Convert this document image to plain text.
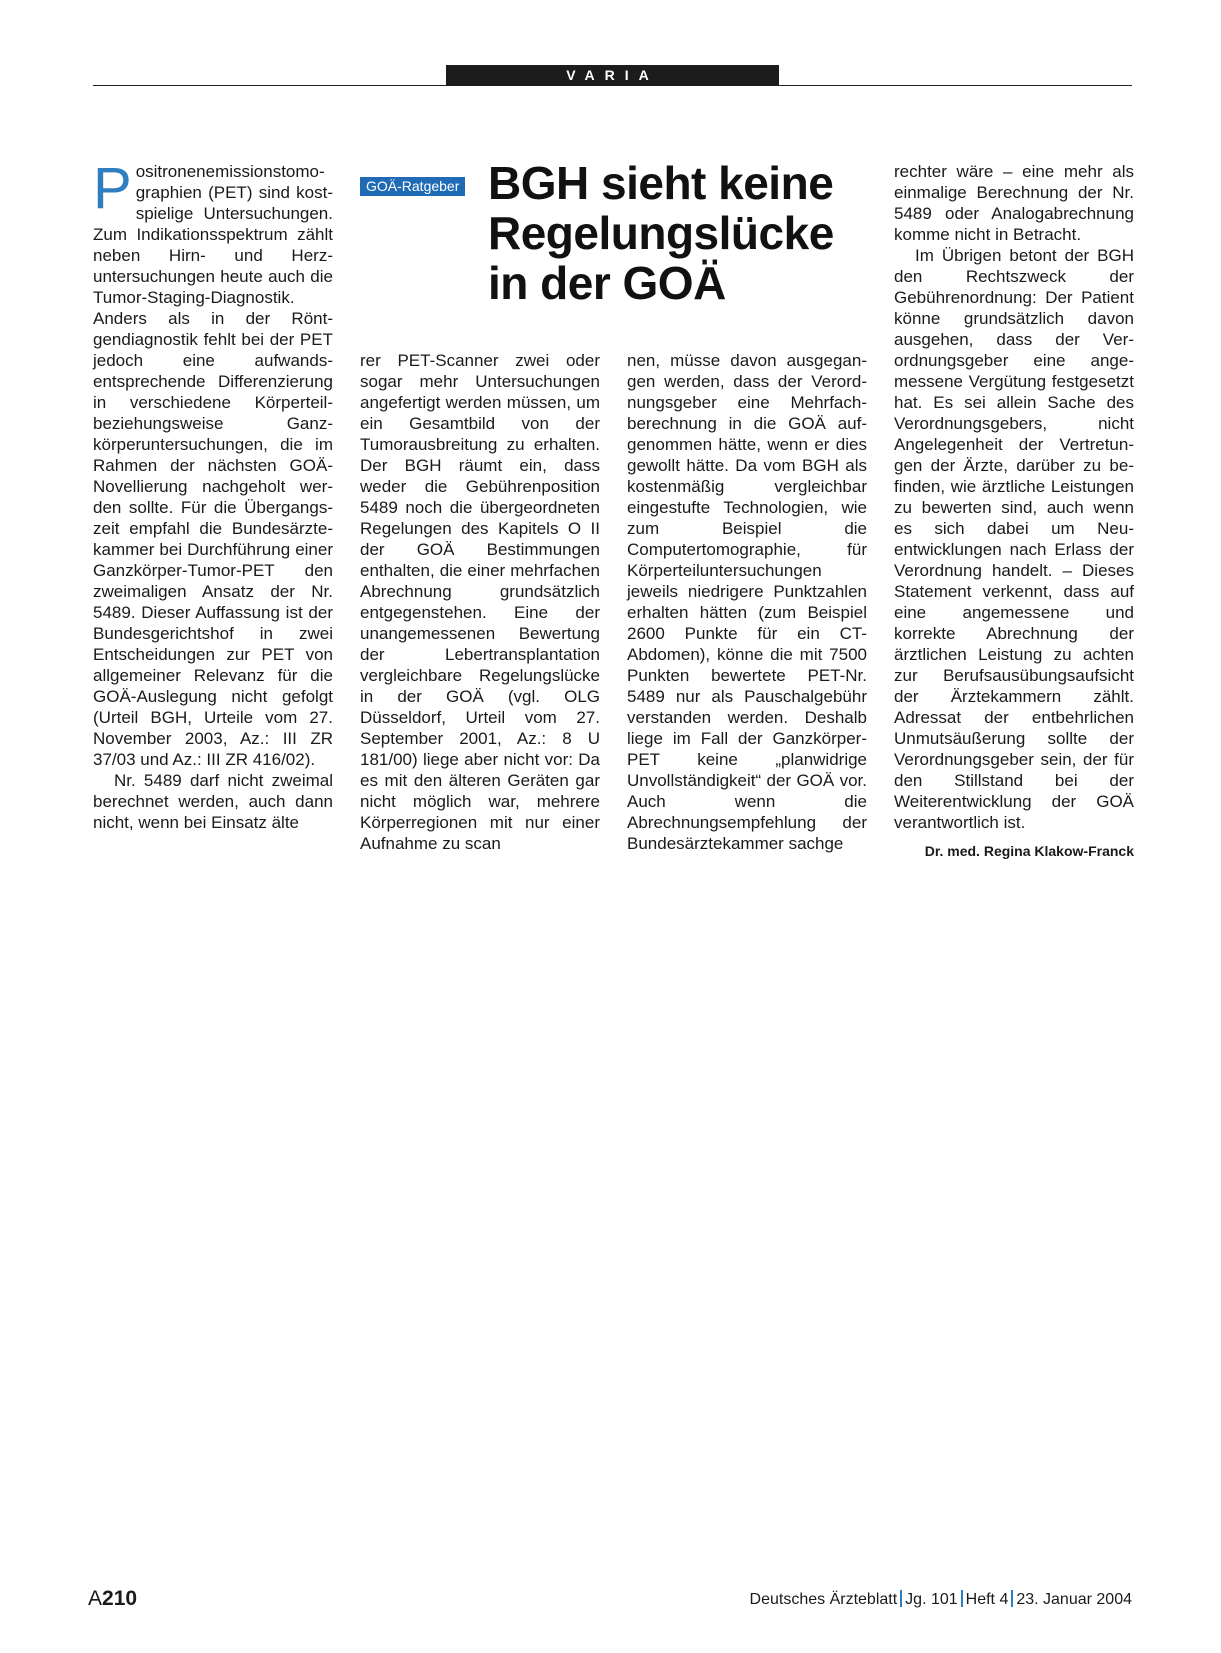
VARIA
GOÄ-Ratgeber BGH sieht keine
Regelungslücke
in der GOÄ

Positronenemissionstomographien (PET) sind kostspielige Untersuchungen. Zum Indikationsspektrum zählt neben Hirn- und Herzuntersuchungen heute auch die Tumor-Staging-Diagnostik. Anders als in der Röntgendiagnostik fehlt bei der PET jedoch eine aufwandsentsprechende Differenzierung in verschiedene Körperteil- beziehungsweise Ganzkörperuntersuchungen, die im Rahmen der nächsten GOÄ-Novellierung nachgeholt werden sollte. Für die Übergangszeit empfahl die Bundesärztekammer bei Durchführung einer Ganzkörper-Tumor-PET den zweimaligen Ansatz der Nr. 5489. Dieser Auffassung ist der Bundesgerichtshof in zwei Entscheidungen zur PET von allgemeiner Relevanz für die GOÄ-Auslegung nicht gefolgt (Urteil BGH, Urteile vom 27. November 2003, Az.: III ZR 37/03 und Az.: III ZR 416/02).

Nr. 5489 darf nicht zweimal berechnet werden, auch dann nicht, wenn bei Einsatz älte

rer PET-Scanner zwei oder sogar mehr Untersuchungen angefertigt werden müssen, um ein Gesamtbild von der Tumorausbreitung zu erhalten. Der BGH räumt ein, dass weder die Gebührenposition 5489 noch die übergeordneten Regelungen des Kapitels O II der GOÄ Bestimmungen enthalten, die einer mehrfachen Abrechnung grundsätzlich entgegenstehen. Eine der unangemessenen Bewertung der Lebertransplantation vergleichbare Regelungslücke in der GOÄ (vgl. OLG Düsseldorf, Urteil vom 27. September 2001, Az.: 8 U 181/00) liege aber nicht vor: Da es mit den älteren Geräten gar nicht möglich war, mehrere Körperregionen mit nur einer Aufnahme zu scan

nen, müsse davon ausgegangen werden, dass der Verordnungsgeber eine Mehrfachberechnung in die GOÄ aufgenommen hätte, wenn er dies gewollt hätte. Da vom BGH als kostenmäßig vergleichbar eingestufte Technologien, wie zum Beispiel die Computertomographie, für Körperteiluntersuchungen jeweils niedrigere Punktzahlen erhalten hätten (zum Beispiel 2600 Punkte für ein CT-Abdomen), könne die mit 7500 Punkten bewertete PET-Nr. 5489 nur als Pauschalgebühr verstanden werden. Deshalb liege im Fall der Ganzkörper-PET keine „planwidrige Unvollständigkeit“ der GOÄ vor. Auch wenn die Abrechnungsempfehlung der Bundesärztekammer sachge

rechter wäre – eine mehr als einmalige Berechnung der Nr. 5489 oder Analogabrechnung komme nicht in Betracht.

Im Übrigen betont der BGH den Rechtszweck der Gebührenordnung: Der Patient könne grundsätzlich davon ausgehen, dass der Verordnungsgeber eine angemessene Vergütung festgesetzt hat. Es sei allein Sache des Verordnungsgebers, nicht Angelegenheit der Vertretungen der Ärzte, darüber zu befinden, wie ärztliche Leistungen zu bewerten sind, auch wenn es sich dabei um Neuentwicklungen nach Erlass der Verordnung handelt. – Dieses Statement verkennt, dass auf eine angemessene und korrekte Abrechnung der ärztlichen Leistung zu achten zur Berufsausübungsaufsicht der Ärztekammern zählt. Adressat der entbehrlichen Unmutsäußerung sollte der Verordnungsgeber sein, der für den Stillstand bei der Weiterentwicklung der GOÄ verantwortlich ist.

Dr. med. Regina Klakow-Franck
A210	Deutsches Ärzteblatt Jg. 101 Heft 4 23. Januar 2004
